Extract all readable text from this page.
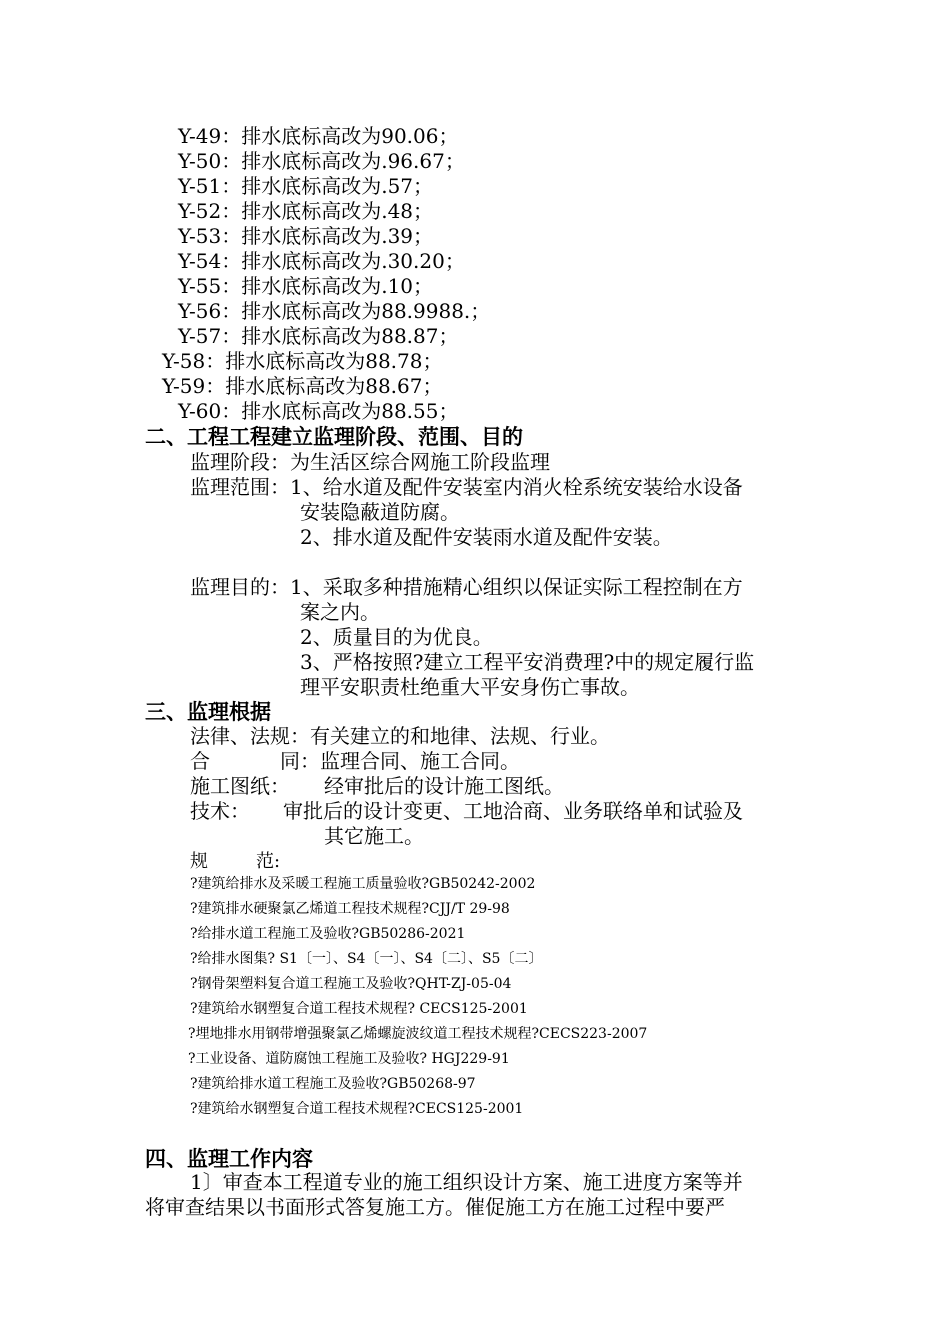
Y-49：排水底标高改为90.06；
Y-50：排水底标高改为.96.67；
Y-51：排水底标高改为.57；
Y-52：排水底标高改为.48；
Y-53：排水底标高改为.39；
Y-54：排水底标高改为.30.20；
Y-55：排水底标高改为.10；
Y-56：排水底标高改为88.9988.；
Y-57：排水底标高改为88.87；
Y-58：排水底标高改为88.78；
Y-59：排水底标高改为88.67；
Y-60：排水底标高改为88.55；
二、工程工程建立监理阶段、范围、目的
监理阶段：为生活区综合网施工阶段监理
监理范围：1、给水道及配件安装室内消火栓系统安装给水设备
安装隐蔽道防腐。
2、排水道及配件安装雨水道及配件安装。
监理目的：1、采取多种措施精心组织以保证实际工程控制在方
案之内。
2、质量目的为优良。
3、严格按照?建立工程平安消费理?中的规定履行监
理平安职责杜绝重大平安身伤亡事故。
三、监理根据
法律、法规：有关建立的和地律、法规、行业。
合	同：监理合同、施工合同。
施工图纸： 经审批后的设计施工图纸。
技术： 审批后的设计变更、工地洽商、业务联络单和试验及
其它施工。
规	范:
?建筑给排水及采暖工程施工质量验收?GB50242-2002
?建筑排水硬聚氯乙烯道工程技术规程?CJJ/T 29-98
?给排水道工程施工及验收?GB50286-2021
?给排水图集? S1〔一〕、S4〔一〕、S4〔二〕、S5〔二〕
?钢骨架塑料复合道工程施工及验收?QHT-ZJ-05-04
?建筑给水钢塑复合道工程技术规程? CECS125-2001
?埋地排水用钢带增强聚氯乙烯螺旋波纹道工程技术规程?CECS223-2007
?工业设备、道防腐蚀工程施工及验收? HGJ229-91
?建筑给排水道工程施工及验收?GB50268-97
?建筑给水钢塑复合道工程技术规程?CECS125-2001
四、监理工作内容
1〕审查本工程道专业的施工组织设计方案、施工进度方案等并
将审查结果以书面形式答复施工方。催促施工方在施工过程中要严
